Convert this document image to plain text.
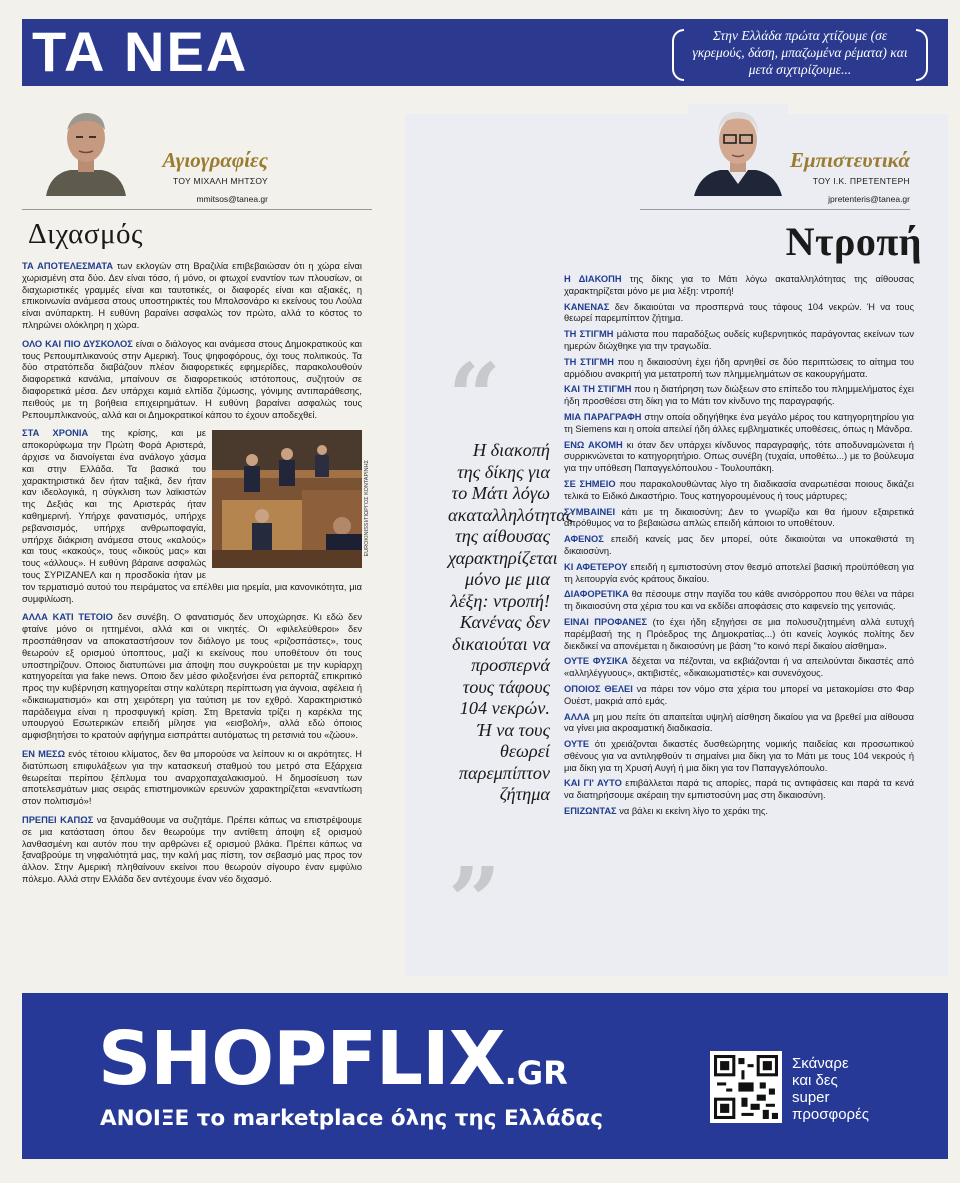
ΤΑ ΝΕΑ	Στην Ελλάδα πρώτα χτίζουμε (σε γκρεμούς, δάση, μπαζωμένα ρέματα) και μετά σιχτιρίζουμε...
Αγιογραφίες
ΤΟΥ ΜΙΧΑΛΗ ΜΗΤΣΟΥ
mmitsos@tanea.gr
Διχασμός

ΤΑ ΑΠΟΤΕΛΕΣΜΑΤΑ των εκλογών στη Βραζιλία επιβεβαιώσαν ότι η χώρα είναι χωρισμένη στα δύο. Δεν είναι τόσο, ή μόνο, οι φτωχοί εναντίον των πλουσίων, οι διαχωριστικές γραμμές είναι και ταυτοτικές, οι διαφορές είναι και αξιακές, η επικοινωνία ανάμεσα στους υποστηρικτές του Μπολσονάρο κι εκείνους του Λούλα είναι ανύπαρκτη. Η ευθύνη βαραίνει ασφαλώς τον πρώτο, αλλά το κόστος το πληρώνει ολόκληρη η χώρα.

ΟΛΟ ΚΑΙ ΠΙΟ ΔΥΣΚΟΛΟΣ είναι ο διάλογος και ανάμεσα στους Δημοκρατικούς και τους Ρεπουμπλικανούς στην Αμερική. Τους ψηφοφόρους, όχι τους πολιτικούς. Τα δύο στρατόπεδα διαβάζουν πλέον διαφορετικές εφημερίδες, παρακολουθούν διαφορετικά κανάλια, μπαίνουν σε διαφορετικούς ιστότοπους, συζητούν σε διαφορετικά μέσα. Δεν υπάρχει καμιά ελπίδα ζύμωσης, γόνιμης αντιπαράθεσης, πειθούς με τη βοήθεια επιχειρημάτων. Η ευθύνη βαραίνει ασφαλώς τους Ρεπουμπλικανούς, αλλά και οι Δημοκρατικοί κάπου το έχουν αποδεχθεί.

EUROKINISSI/ΓΙΩΡΓΟΣ ΚΟΝΤΑΡΙΝΗΣ
ΣΤΑ ΧΡΟΝΙΑ της κρίσης, και με αποκορύφωμα την Πρώτη Φορά Αριστερά, άρχισε να διανοίγεται ένα ανάλογο χάσμα και στην Ελλάδα. Τα βασικά του χαρακτηριστικά δεν ήταν ταξικά, δεν ήταν καν ιδεολογικά, η σύγκλιση των λαϊκιστών της Δεξιάς και της Αριστεράς ήταν καθημερινή. Υπήρχε φανατισμός, υπήρχε ρεβανσισμός, υπήρχε ανθρωποφαγία, υπήρχε διάκριση ανάμεσα στους «καλούς» και τους «κακούς», τους «δικούς μας» και τους «άλλους». Η ευθύνη βάραινε ασφαλώς τους ΣΥΡΙΖΑΝΕΛ και η προσδοκία ήταν με τον τερματισμό αυτού του πειράματος να επέλθει μια ηρεμία, μια κανονικότητα, μια συμφιλίωση.

ΑΛΛΑ ΚΑΤΙ ΤΕΤΟΙΟ δεν συνέβη. Ο φανατισμός δεν υποχώρησε. Κι εδώ δεν φταίνε μόνο οι ηττημένοι, αλλά και οι νικητές. Οι «φιλελεύθεροι» δεν προσπάθησαν να αποκαταστήσουν τον διάλογο με τους «ριζοσπάστες», τους θεωρούν εξ ορισμού ύποπτους, μαζί κι εκείνους που υποθέτουν ότι τους υποστηρίζουν. Οποιος διατυπώνει μια άποψη που συγκρούεται με την κυρίαρχη κατηγορείται για fake news. Οποιο δεν μέσο φιλοξενήσει ένα ρεπορτάζ επικριτικό προς την κυβέρνηση κατηγορείται στην καλύτερη περίπτωση για άγνοια, αφέλεια ή «δικαιωματισμό» και στη χειρότερη για ταύτιση με τον εχθρό. Χαρακτηριστικό παράδειγμα είναι η προσφυγική κρίση. Στη Βρετανία τρίζει η καρέκλα της υπουργού Εσωτερικών επειδή μίλησε για «εισβολή», αλλά εδώ όποιος αμφισβητήσει το κρατούν αφήγημα εισπράττει αυτόματως τη ρετσινιά του «ζώου».

ΕΝ ΜΕΣΩ ενός τέτοιου κλίματος, δεν θα μπορούσε να λείπουν κι οι ακρότητες. Η διατύπωση επιφυλάξεων για την κατασκευή σταθμού του μετρό στα Εξάρχεια θεωρείται περίπου ξέπλυμα του αναρχοπαχαλακισμού. Η δημοσίευση των αποτελεσμάτων μιας σειράς επιστημονικών ερευνών χαρακτηρίζεται «εναντίωση στον πολιτισμό»!

ΠΡΕΠΕΙ ΚΑΠΩΣ να ξαναμάθουμε να συζητάμε. Πρέπει κάπως να επιστρέψουμε σε μια κατάσταση όπου δεν θεωρούμε την αντίθετη άποψη εξ ορισμού λανθασμένη και αυτόν που την αρθρώνει εξ ορισμού βλάκα. Πρέπει κάπως να ξαναβρούμε τη νηφαλιότητά μας, την καλή μας πίστη, τον σεβασμό μας προς τον άλλον. Στην Αμερική πληθαίνουν εκείνοι που θεωρούν σίγουρο έναν εμφύλιο πόλεμο. Αλλά στην Ελλάδα δεν αντέχουμε έναν νέο διχασμό.

Εμπιστευτικά
ΤΟΥ Ι.Κ. ΠΡΕΤΕΝΤΕΡΗ
jpretenteris@tanea.gr
Ντροπή
“
Η διακοπή της δίκης για το Μάτι λόγω ακαταλληλότητας της αίθουσας χαρακτηρίζεται μόνο με μια λέξη: ντροπή! Κανένας δεν δικαιούται να προσπερνά τους τάφους 104 νεκρών. Ή να τους θεωρεί παρεμπίπτον ζήτημα
”

Η ΔΙΑΚΟΠΗ της δίκης για το Μάτι λόγω ακαταλληλότητας της αίθουσας χαρακτηρίζεται μόνο με μια λέξη: ντροπή!

ΚΑΝΕΝΑΣ δεν δικαιούται να προσπερνά τους τάφους 104 νεκρών. Ή να τους θεωρεί παρεμπίπτον ζήτημα.

ΤΗ ΣΤΙΓΜΗ μάλιστα που παραδόξως ουδείς κυβερνητικός παράγοντας εκείνων των ημερών διώχθηκε για την τραγωδία.

ΤΗ ΣΤΙΓΜΗ που η δικαιοσύνη έχει ήδη αρνηθεί σε δύο περιπτώσεις το αίτημα του αρμόδιου ανακριτή για μετατροπή των πλημμελημάτων σε κακουργήματα.

ΚΑΙ ΤΗ ΣΤΙΓΜΗ που η διατήρηση των διώξεων στο επίπεδο του πλημμελήματος έχει ήδη προσθέσει στη δίκη για το Μάτι τον κίνδυνο της παραγραφής.

ΜΙΑ ΠΑΡΑΓΡΑΦΗ στην οποία οδηγήθηκε ένα μεγάλο μέρος του κατηγορητηρίου για τη Siemens και η οποία απειλεί ήδη άλλες εμβληματικές υποθέσεις, όπως η Μάνδρα.

ΕΝΩ ΑΚΟΜΗ κι όταν δεν υπάρχει κίνδυνος παραγραφής, τότε αποδυναμώνεται ή συρρικνώνεται το κατηγορητήριο. Οπως συνέβη (τυχαία, υποθέτω...) με το βούλευμα για την υπόθεση Παπαγγελόπουλου - Τουλουπάκη.

ΣΕ ΣΗΜΕΙΟ που παρακολουθώντας λίγο τη διαδικασία αναρωτιέσαι ποιους δικάζει τελικά το Ειδικό Δικαστήριο. Τους κατηγορουμένους ή τους μάρτυρες;

ΣΥΜΒΑΙΝΕΙ κάτι με τη δικαιοσύνη; Δεν το γνωρίζω και θα ήμουν εξαιρετικά απρόθυμος να το βεβαιώσω απλώς επειδή κάποιοι το υποθέτουν.

ΑΦΕΝΟΣ επειδή κανείς μας δεν μπορεί, ούτε δικαιούται να υποκαθιστά τη δικαιοσύνη.

ΚΙ ΑΦΕΤΕΡΟΥ επειδή η εμπιστοσύνη στον θεσμό αποτελεί βασική προϋπόθεση για τη λειτουργία ενός κράτους δικαίου.

ΔΙΑΦΟΡΕΤΙΚΑ θα πέσουμε στην παγίδα του κάθε ανισόρροπου που θέλει να πάρει τη δικαιοσύνη στα χέρια του και να εκδίδει αποφάσεις στο καφενείο της γειτονιάς.

ΕΙΝΑΙ ΠΡΟΦΑΝΕΣ (το έχει ήδη εξηγήσει σε μια πολυσυζητημένη αλλά ευτυχή παρέμβασή της η Πρόεδρος της Δημοκρατίας...) ότι κανείς λογικός πολίτης δεν διεκδικεί να απονέμεται η δικαιοσύνη με βάση "το κοινό περί δικαίου αίσθημα».

ΟΥΤΕ ΦΥΣΙΚΑ δέχεται να πέζονται, να εκβιάζονται ή να απειλούνται δικαστές από «αλληλέγγυους», ακτιβιστές, «δικαιωματιστές» και συνενόχους.

ΟΠΟΙΟΣ ΘΕΛΕΙ να πάρει τον νόμο στα χέρια του μπορεί να μετακομίσει στο Φαρ Ουέστ, μακριά από εμάς.

ΑΛΛΑ μη μου πείτε ότι απαιτείται υψηλή αίσθηση δικαίου για να βρεθεί μια αίθουσα να γίνει μια ακροαματική διαδικασία.

ΟΥΤΕ ότι χρειάζονται δικαστές δυσθεώρητης νομικής παιδείας και προσωπικού σθένους για να αντιληφθούν τι σημαίνει μια δίκη για το Μάτι με τους 104 νεκρούς ή μια δίκη για τη Χρυσή Αυγή ή μια δίκη για τον Παπαγγελόπουλο.

ΚΑΙ ΓΙ' ΑΥΤΟ επιβάλλεται παρά τις απορίες, παρά τις αντιφάσεις και παρά τα κενά να διατηρήσουμε ακέραιη την εμπιστοσύνη μας στη δικαιοσύνη.

ΕΠΙΖΩΝΤΑΣ να βάλει κι εκείνη λίγο το χεράκι της.

SHOPFLIX.GR
ΑΝΟΙΞΕ το marketplace όλης της Ελλάδας
Σκάναρε
και δες
super
προσφορές
